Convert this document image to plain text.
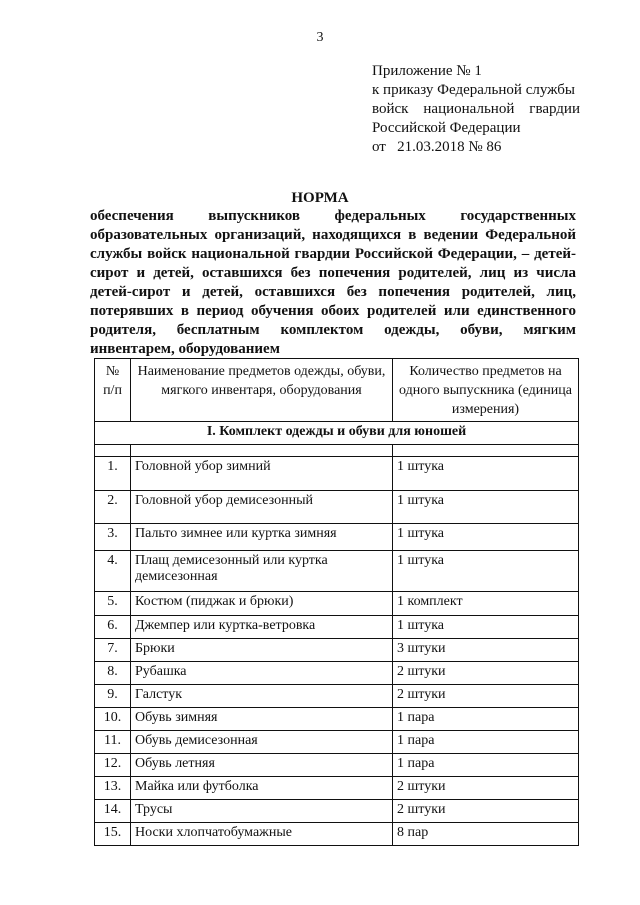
3
Приложение № 1
к приказу Федеральной службы
войск национальной гвардии
Российской Федерации
от   21.03.2018 № 86
НОРМА
обеспечения выпускников федеральных государственных
образовательных организаций, находящихся в ведении Федеральной
службы войск национальной гвардии Российской Федерации, – детей-
сирот и детей, оставшихся без попечения родителей, лиц из числа
детей-сирот и детей, оставшихся без попечения родителей, лиц,
потерявших в период обучения обоих родителей или единственного
родителя, бесплатным комплектом одежды, обуви, мягким
инвентарем, оборудованием
№ п/п	Наименование предметов одежды, обуви, мягкого инвентаря, оборудования	Количество предметов на одного выпускника (единица измерения)
I. Комплект одежды и обуви для юношей		

1.	Головной убор зимний	1 штука
2.	Головной убор демисезонный	1 штука
3.	Пальто зимнее или куртка зимняя	1 штука
4.	Плащ демисезонный или куртка демисезонная	1 штука
5.	Костюм (пиджак и брюки)	1 комплект
6.	Джемпер или куртка-ветровка	1 штука
7.	Брюки	3 штуки
8.	Рубашка	2 штуки
9.	Галстук	2 штуки
10.	Обувь зимняя	1 пара
11.	Обувь демисезонная	1 пара
12.	Обувь летняя	1 пара
13.	Майка или футболка	2 штуки
14.	Трусы	2 штуки
15.	Носки хлопчатобумажные	8 пар
